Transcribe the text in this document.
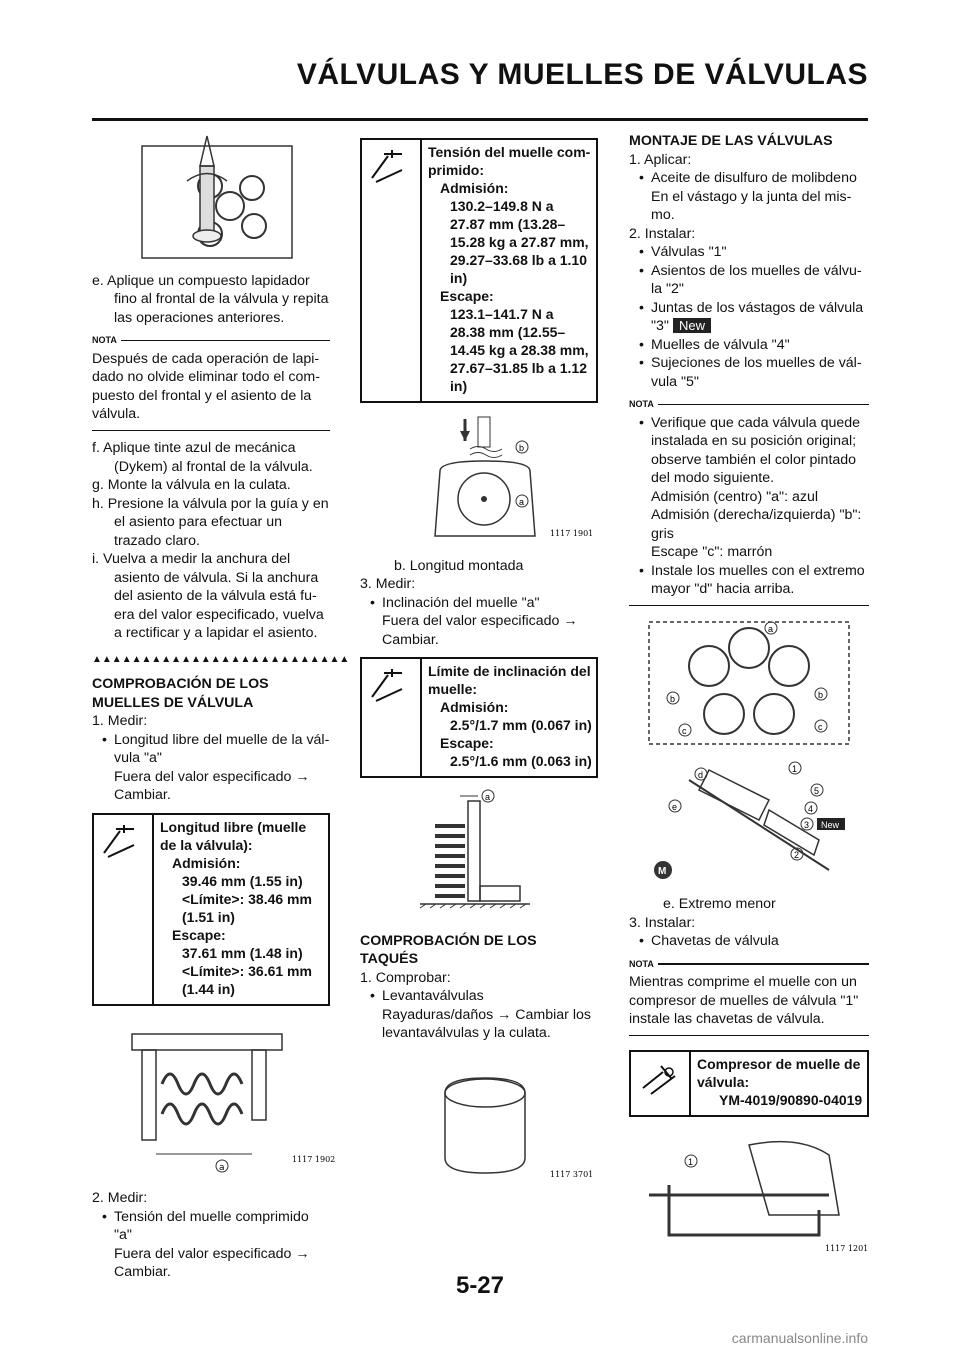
VÁLVULAS Y MUELLES DE VÁLVULAS

e. Aplique un compuesto lapidador fino al frontal de la válvula y repita las operaciones anteriores.

NOTA

Después de cada operación de lapi-dado no olvide eliminar todo el com-puesto del frontal y el asiento de la válvula.

f. Aplique tinte azul de mecánica (Dykem) al frontal de la válvula.

g. Monte la válvula en la culata.

h. Presione la válvula por la guía y en el asiento para efectuar un trazado claro.

i. Vuelva a medir la anchura del asiento de válvula. Si la anchura del asiento de la válvula está fu-era del valor especificado, vuelva a rectificar y a lapidar el asiento.

▲▲▲▲▲▲▲▲▲▲▲▲▲▲▲▲▲▲▲▲▲▲▲▲▲▲

COMPROBACIÓN DE LOS MUELLES DE VÁLVULA

1. Medir:

• Longitud libre del muelle de la vál-vula "a"

Fuera del valor especificado → Cambiar.

Longitud libre (muelle de la válvula):
Admisión:
39.46 mm (1.55 in)
<Límite>: 38.46 mm (1.51 in)
Escape:
37.61 mm (1.48 in)
<Límite>: 36.61 mm (1.44 in)
a
1117 1902

2. Medir:

• Tensión del muelle comprimido "a"

Fuera del valor especificado → Cambiar.

Tensión del muelle com-primido:
Admisión:
130.2–149.8 N a 27.87 mm (13.28–15.28 kg a 27.87 mm, 29.27–33.68 lb a 1.10 in)
Escape:
123.1–141.7 N a 28.38 mm (12.55–14.45 kg a 28.38 mm, 27.67–31.85 lb a 1.12 in)
b
a
1117 1901

b. Longitud montada

3. Medir:

• Inclinación del muelle "a"

Fuera del valor especificado → Cambiar.

Límite de inclinación del muelle:
Admisión:
2.5°/1.7 mm (0.067 in)
Escape:
2.5°/1.6 mm (0.063 in)
a

COMPROBACIÓN DE LOS TAQUÉS

1. Comprobar:

• Levantaválvulas

Rayaduras/daños → Cambiar los levantaválvulas y la culata.

1117 3701

MONTAJE DE LAS VÁLVULAS

1. Aplicar:

• Aceite de disulfuro de molibdeno

En el vástago y la junta del mis-mo.

2. Instalar:

• Válvulas "1"

• Asientos de los muelles de válvu-la "2"

• Juntas de los vástagos de válvula "3" New

• Muelles de válvula "4"

• Sujeciones de los muelles de vál-vula "5"

NOTA

• Verifique que cada válvula quede instalada en su posición original; observe también el color pintado del modo siguiente.

Admisión (centro) "a": azul

Admisión (derecha/izquierda) "b": gris

Escape "c": marrón

• Instale los muelles con el extremo mayor "d" hacia arriba.

a
b	b
c	c

1
5
4
3 New
2
d
e
M

e. Extremo menor

3. Instalar:

• Chavetas de válvula

NOTA

Mientras comprime el muelle con un compresor de muelles de válvula "1" instale las chavetas de válvula.

Compresor de muelle de válvula:
YM-4019/90890-04019
1
1117 1201
5-27
carmanualsonline.info
